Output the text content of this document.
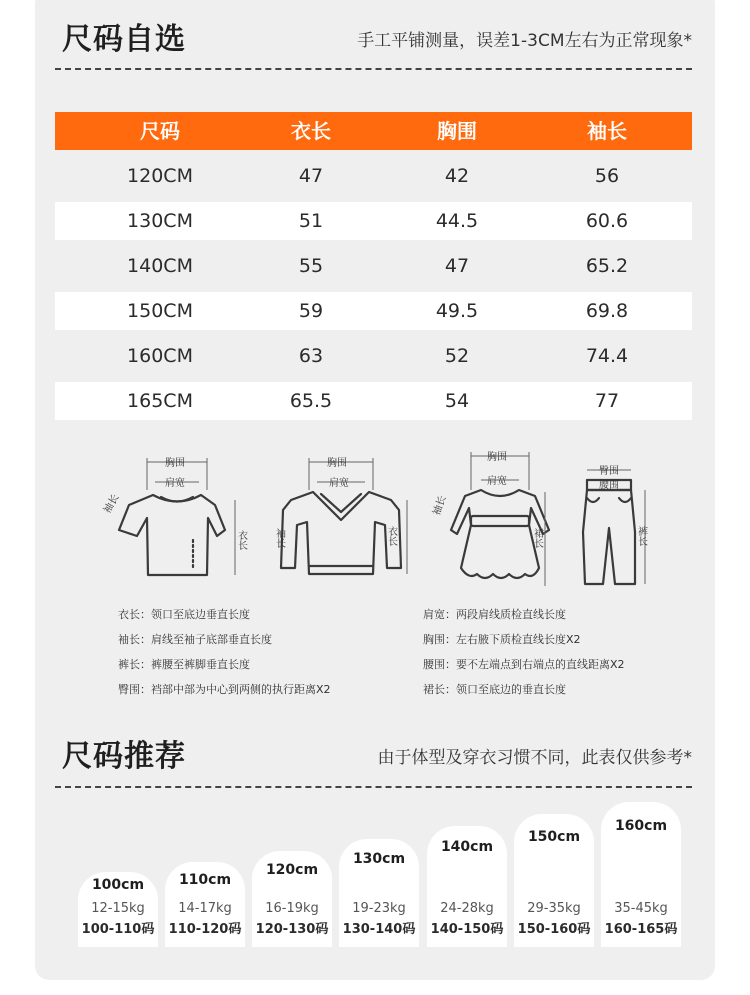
尺码自选	手工平铺测量，误差1-3CM左右为正常现象*
尺码	衣长	胸围	袖长
120CM	47	42	56
130CM	51	44.5	60.6
140CM	55	47	65.2
150CM	59	49.5	69.8
160CM	63	52	74.4
165CM	65.5	54	77
胸围
肩宽
袖长
衣长
胸围
肩宽
袖长	衣长
胸围
肩宽
袖长
裙长
臀围
腰围
裤长
衣长：领口至底边垂直长度
袖长：肩线至袖子底部垂直长度
裤长：裤腰至裤脚垂直长度
臀围：裆部中部为中心到两侧的执行距离X2
肩宽：两段肩线质检直线长度
胸围：左右腋下质检直线长度X2
腰围：要不左端点到右端点的直线距离X2
裙长：领口至底边的垂直长度
尺码推荐	由于体型及穿衣习惯不同，此表仅供参考*
100cm
12-15kg
100-110码
110cm
14-17kg
110-120码
120cm
16-19kg
120-130码
130cm
19-23kg
130-140码
140cm
24-28kg
140-150码
150cm
29-35kg
150-160码
160cm
35-45kg
160-165码
